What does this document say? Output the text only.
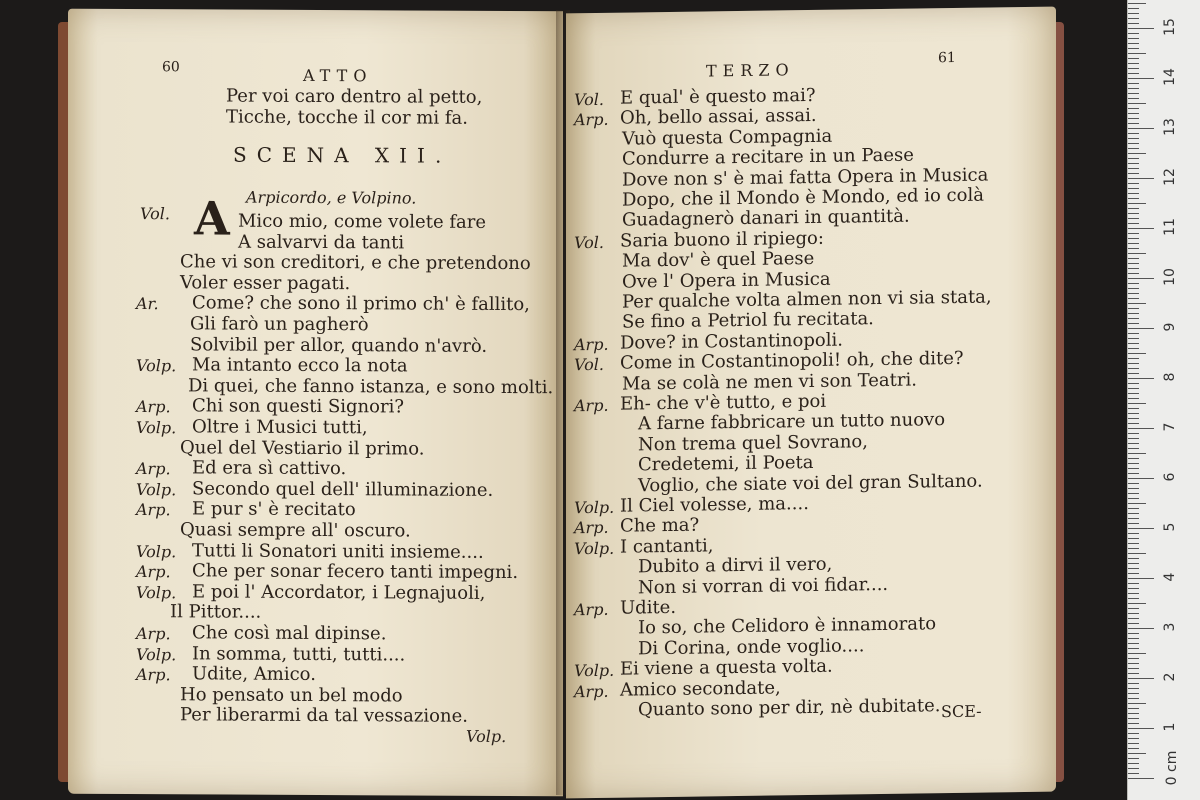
60	ATTO
Per voi caro dentro al petto,
Ticche, tocche il cor mi fa.
SCENA XII.
Arpicordo, e Volpino.
Vol. A Mico mio, come volete fare
A salvarvi da tanti
Che vi son creditori, e che pretendono
Voler esser pagati.
Ar. Come? che sono il primo ch' è fallito,
Gli farò un pagherò
Solvibil per allor, quando n'avrò.
Volp. Ma intanto ecco la nota
Di quei, che fanno istanza, e sono molti.
Arp. Chi son questi Signori?
Volp. Oltre i Musici tutti,
Quel del Vestiario il primo.
Arp. Ed era sì cattivo.
Volp. Secondo quel dell' illuminazione.
Arp. E pur s' è recitato
Quasi sempre all' oscuro.
Volp. Tutti li Sonatori uniti insieme....
Arp. Che per sonar fecero tanti impegni.
Volp. E poi l' Accordator, i Legnajuoli,
Il Pittor....
Arp. Che così mal dipinse.
Volp. In somma, tutti, tutti....
Arp. Udite, Amico.
Ho pensato un bel modo
Per liberarmi da tal vessazione.
Volp.
TERZO
61
Vol. E qual' è questo mai?
Arp. Oh, bello assai, assai.
Vuò questa Compagnia
Condurre a recitare in un Paese
Dove non s' è mai fatta Opera in Musica
Dopo, che il Mondo è Mondo, ed io colà
Guadagnerò danari in quantità.
Vol. Saria buono il ripiego:
Ma dov' è quel Paese
Ove l' Opera in Musica
Per qualche volta almen non vi sia stata,
Se fino a Petriol fu recitata.
Arp. Dove? in Costantinopoli.
Vol. Come in Costantinopoli! oh, che dite?
Ma se colà ne men vi son Teatri.
Arp. Eh- che v'è tutto, e poi
A farne fabbricare un tutto nuovo
Non trema quel Sovrano,
Credetemi, il Poeta
Voglio, che siate voi del gran Sultano.
Volp. Il Ciel volesse, ma....
Arp. Che ma?
Volp. I cantanti,
Dubito a dirvi il vero,
Non si vorran di voi fidar....
Arp. Udite.
Io so, che Celidoro è innamorato
Di Corina, onde voglio....
Volp. Ei viene a questa volta.
Arp. Amico secondate,
Quanto sono per dir, nè dubitate. SCE-
0 cm
1
2
3
4
5
6
7
8
9
10
11
12
13
14
15
